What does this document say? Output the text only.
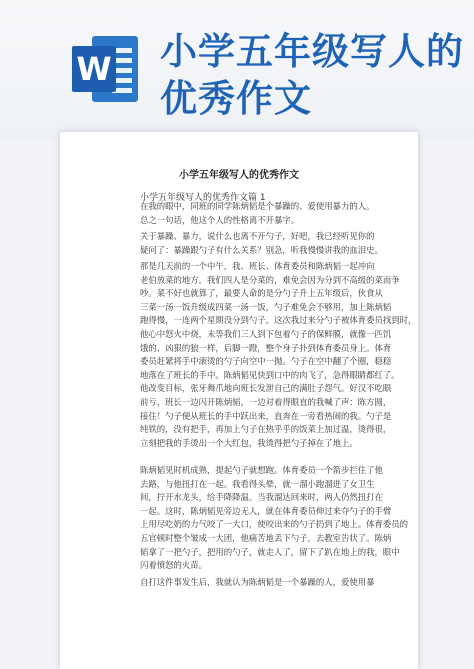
W 小学五年级写人的
优秀作文
小学五年级写人的优秀作文
小学五年级写人的优秀作文篇 1
在我的眼中，同班的同学陈炳韬是个暴躁的、爱使用暴力的人。
总之一句话，他这个人的性格离不开暴字。
关于暴躁、暴力，说什么也离不开勺子，好吧，我已经听见你的
疑问了：暴躁跟勺子有什么关系？别急，听我慢慢讲我的血泪史。
那是几天前的一个中午，我、班长、体育委员和陈炳韬一起冲向
老伯放菜的地方。我们四人是分菜的，难免会因为分到不高级的菜而争
吵。菜不好也就算了，最要人命的是分勺子升上五年级后，伙食从
三菜一汤一饭升级成四菜一汤一饭，勺子难免会不够用，加上陈炳韬
跑得慢，一连两个星期没分到勺子。这次我过来分勺子被体育委员找到时，
他心中怒火中烧，未等我们三人到下包着勺子的保鲜膜，就像一匹饥
饿的、凶狠的狼一样，后脚一蹬，整个身子扑到体育委员身上。体育
委员赶紧将手中滚烫的勺子向空中一抛。勺子在空中翻了个圈，稳稳
地落在了班长的手中。陈炳韬见快到口中的肉飞了，急得眼睛都红了。
他改变目标，张牙舞爪地向班长发泄自己的满肚子怨气。好汉不吃眼
前亏，班长一边闪开陈炳韬，一边对着得眼直的我喊了声：陈方圆，
接住！勺子便从班长的手中跃出来，直奔在一旁看热闹的我。勺子是
纯铁的，没有把手，再加上勺子在热乎乎的饭菜上加过温，烫得很，
立刻把我的手烫出一个大红包，我烫得把勺子掉在了地上。
陈炳韬见时机成熟，提起勺子就想跑。体育委员一个箭步拦住了他
去路，与他扭打在一起。我看得头晕，就一溜小跑溜进了女卫生
间，拧开水龙头，给手降降温。当我溜达回来时，两人仍然扭打在
一起。这时，陈炳韬见旁边无人，就在体育委员伸过来夺勺子的手臂
上用尽吃奶的力气咬了一大口，使咬出来的勺子扔到了地上。体育委员的
五官顿时整个皱成一大团，他痛苦地丢下勺子，去教室告状了。陈炳
韬拿了一把勺子，把用的勺子，就走人了，留下了趴在地上的我，眼中
闪着愤怒的火苗。
自打这件事发生后，我就认为陈炳韬是一个暴躁的人，爱使用暴
